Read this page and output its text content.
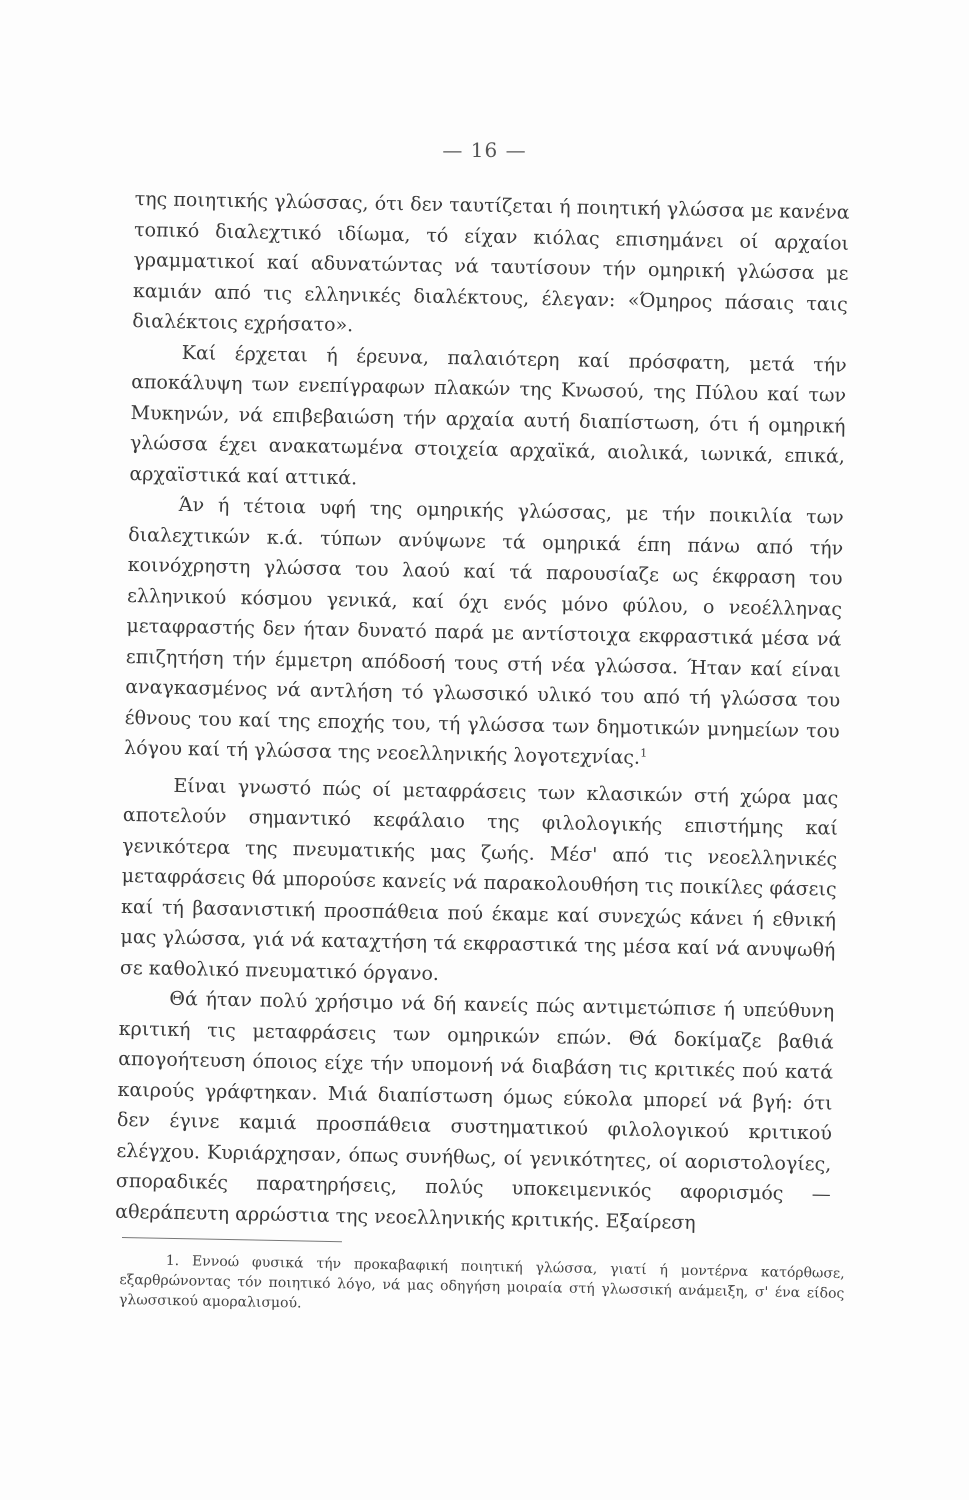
— 16 —

της ποιητικής γλώσσας, ότι δεν ταυτίζεται ή ποιητική γλώσσα με κανένα τοπικό διαλεχτικό ιδίωμα, τό είχαν κιόλας επισημάνει οί αρχαίοι γραμματικοί καί αδυνατώντας νά ταυτίσουν τήν ομηρική γλώσσα με καμιάν από τις ελληνικές διαλέκτους, έλεγαν: «Όμηρος πάσαις ταις διαλέκτοις εχρήσατο».

Καί έρχεται ή έρευνα, παλαιότερη καί πρόσφατη, μετά τήν αποκάλυψη των ενεπίγραφων πλακών της Κνωσού, της Πύλου καί των Μυκηνών, νά επιβεβαιώση τήν αρχαία αυτή διαπίστωση, ότι ή ομηρική γλώσσα έχει ανακατωμένα στοιχεία αρχαϊκά, αιολικά, ιωνικά, επικά, αρχαϊστικά καί αττικά.

Άν ή τέτοια υφή της ομηρικής γλώσσας, με τήν ποικιλία των διαλεχτικών κ.ά. τύπων ανύψωνε τά ομηρικά έπη πάνω από τήν κοινόχρηστη γλώσσα του λαού καί τά παρουσίαζε ως έκφραση του ελληνικού κόσμου γενικά, καί όχι ενός μόνο φύλου, ο νεοέλληνας μεταφραστής δεν ήταν δυνατό παρά με αντίστοιχα εκφραστικά μέσα νά επιζητήση τήν έμμετρη απόδοσή τους στή νέα γλώσσα. Ήταν καί είναι αναγκασμένος νά αντλήση τό γλωσσικό υλικό του από τή γλώσσα του έθνους του καί της εποχής του, τή γλώσσα των δημοτικών μνημείων του λόγου καί τή γλώσσα της νεοελληνικής λογοτεχνίας.$^1$

Είναι γνωστό πώς οί μεταφράσεις των κλασικών στή χώρα μας αποτελούν σημαντικό κεφάλαιο της φιλολογικής επιστήμης καί γενικότερα της πνευματικής μας ζωής. Μέσ' από τις νεοελληνικές μεταφράσεις θά μπορούσε κανείς νά παρακολουθήση τις ποικίλες φάσεις καί τή βασανιστική προσπάθεια πού έκαμε καί συνεχώς κάνει ή εθνική μας γλώσσα, γιά νά καταχτήση τά εκφραστικά της μέσα καί νά ανυψωθή σε καθολικό πνευματικό όργανο.

Θά ήταν πολύ χρήσιμο νά δή κανείς πώς αντιμετώπισε ή υπεύθυνη κριτική τις μεταφράσεις των ομηρικών επών. Θά δοκίμαζε βαθιά απογοήτευση όποιος είχε τήν υπομονή νά διαβάση τις κριτικές πού κατά καιρούς γράφτηκαν. Μιά διαπίστωση όμως εύκολα μπορεί νά βγή: ότι δεν έγινε καμιά προσπάθεια συστηματικού φιλολογικού κριτικού ελέγχου. Κυριάρχησαν, όπως συνήθως, οί γενικότητες, οί αοριστολογίες, σποραδικές παρατηρήσεις, πολύς υποκειμενικός αφορισμός — αθεράπευτη αρρώστια της νεοελληνικής κριτικής. Εξαίρεση

1. Εννοώ φυσικά τήν προκαβαφική ποιητική γλώσσα, γιατί ή μοντέρνα κατόρθωσε, εξαρθρώνοντας τόν ποιητικό λόγο, νά μας οδηγήση μοιραία στή γλωσσική ανάμειξη, σ' ένα είδος γλωσσικού αμοραλισμού.
